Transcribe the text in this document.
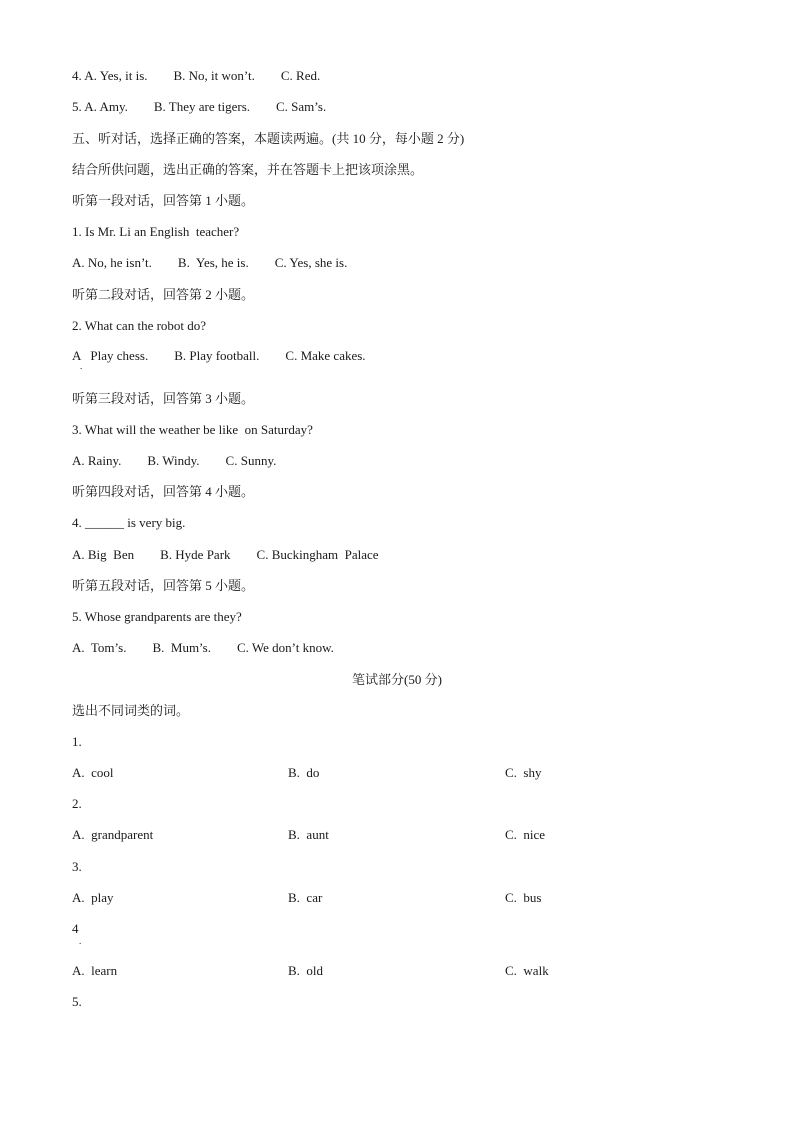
4. A. Yes, it is.        B. No, it won’t.        C. Red.
5. A. Amy.        B. They are tigers.        C. Sam’s.
五、听对话，选择正确的答案，本题读两遍。(共 10 分，每小题 2 分)
结合所供问题，选出正确的答案，并在答题卡上把该项涂黑。
听第一段对话，回答第 1 小题。
1. Is Mr. Li an English  teacher?
A. No, he isn’t.        B.  Yes, he is.        C. Yes, she is.
听第二段对话，回答第 2 小题。
2. What can the robot do?
A   Play chess.        B. Play football.        C. Make cakes.
.
听第三段对话，回答第 3 小题。
3. What will the weather be like  on Saturday?
A. Rainy.        B. Windy.        C. Sunny.
听第四段对话，回答第 4 小题。
4. ______ is very big.
A. Big  Ben        B. Hyde Park        C. Buckingham  Palace
听第五段对话，回答第 5 小题。
5. Whose grandparents are they?
A.  Tom’s.        B.  Mum’s.        C. We don’t know.
笔试部分(50 分)
选出不同词类的词。
1.
A.  cool	B.  do	C.  shy
2.
A.  grandparent	B.  aunt	C.  nice
3.
A.  play	B.  car	C.  bus
4
.
A.  learn	B.  old	C.  walk
5.
